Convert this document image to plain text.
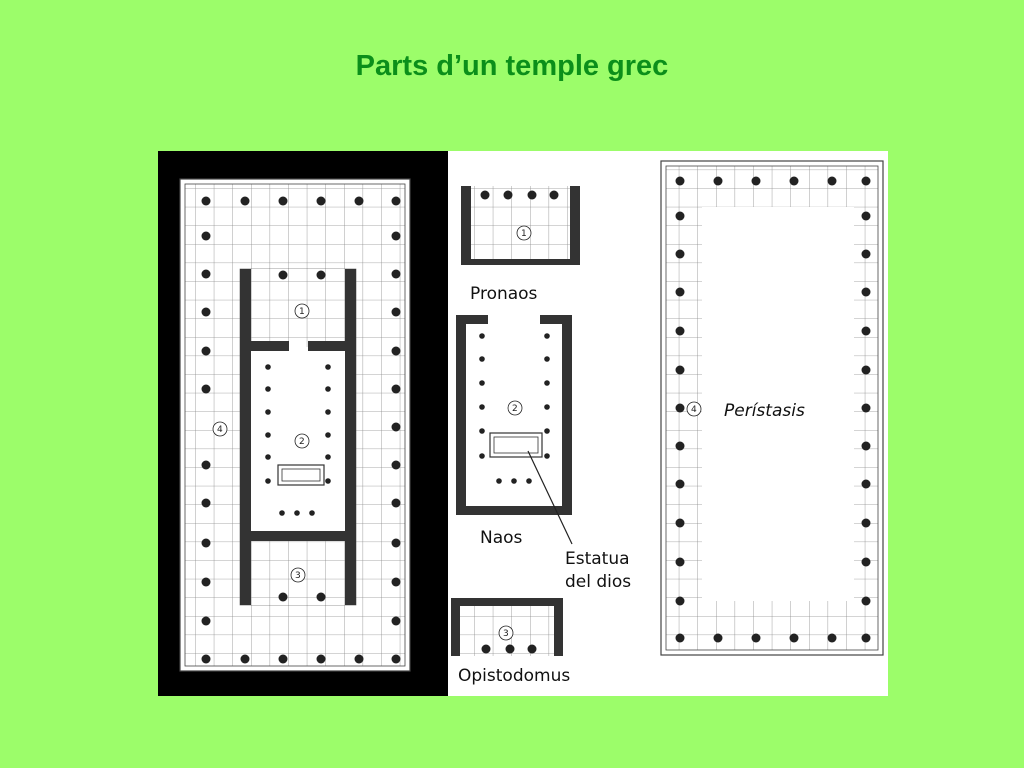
Parts d’un temple grec
4
1
2
3
1
Pronaos
2
Naos
Estatua
del dios
3
Opistodomus
4 Perístasis
